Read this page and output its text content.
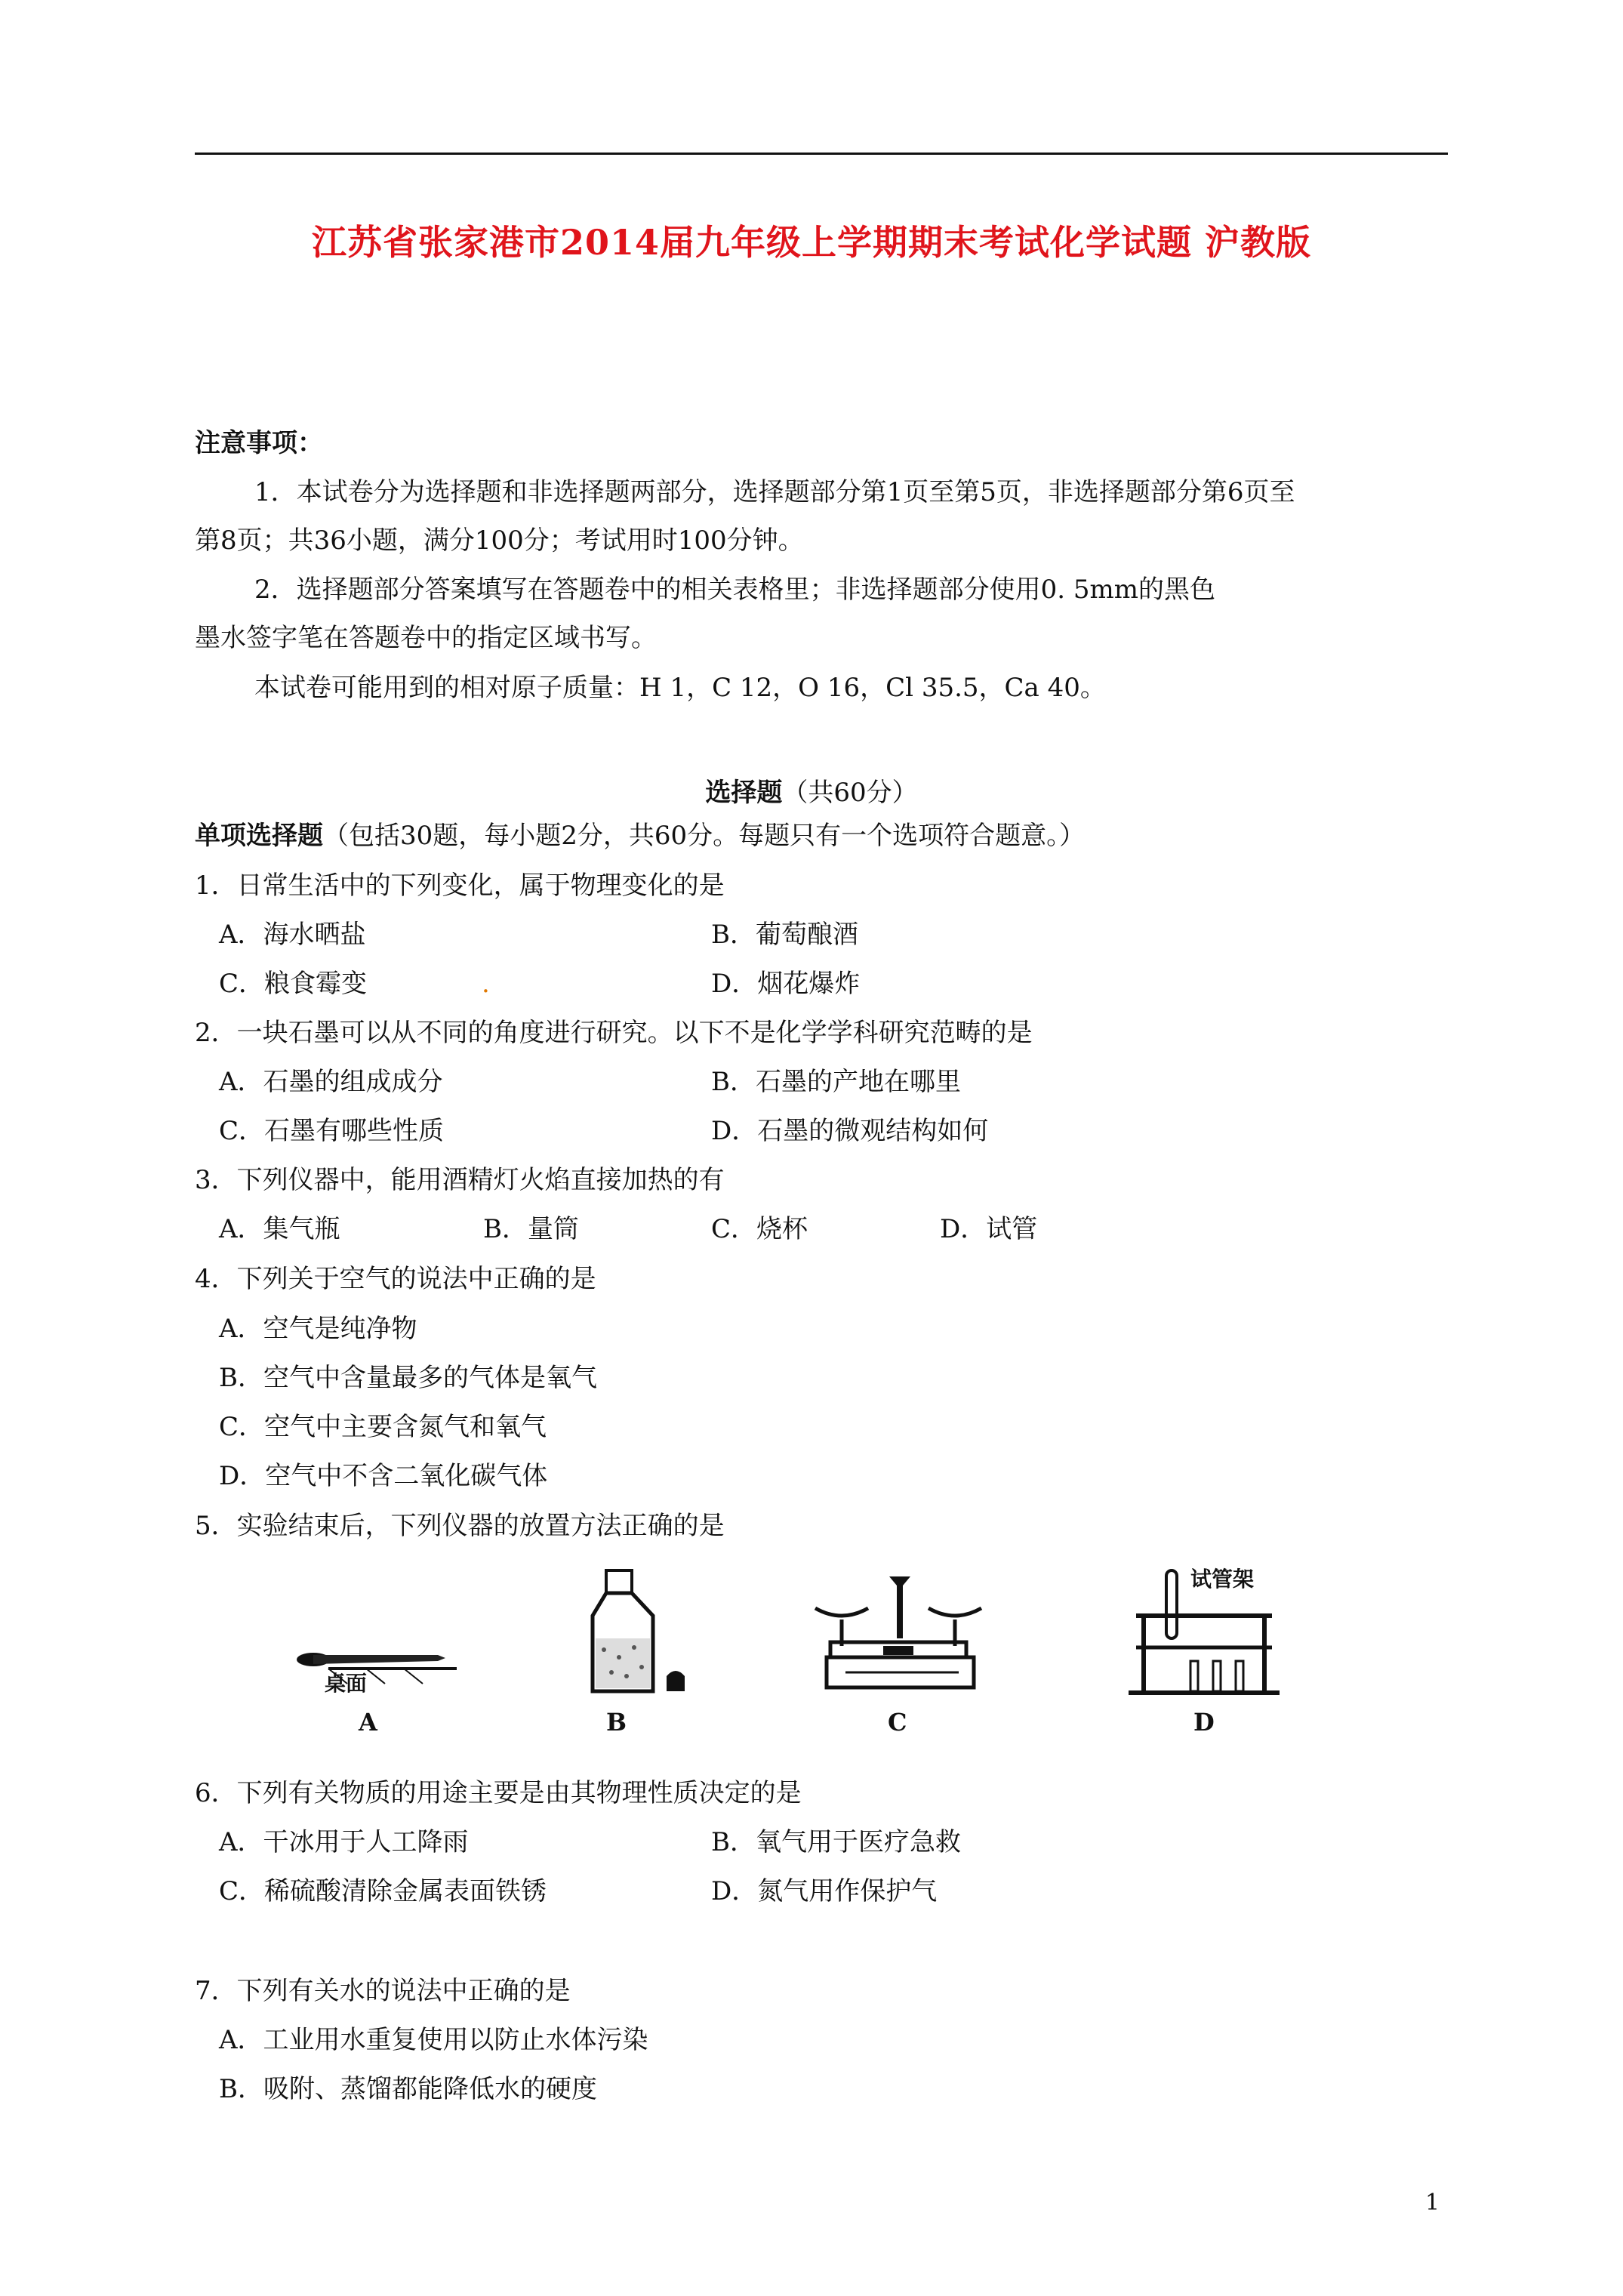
江苏省张家港市2014届九年级上学期期末考试化学试题 沪教版
注意事项：
1．本试卷分为选择题和非选择题两部分，选择题部分第1页至第5页，非选择题部分第6页至
第8页；共36小题，满分100分；考试用时100分钟。
2．选择题部分答案填写在答题卷中的相关表格里；非选择题部分使用0. 5mm的黑色
墨水签字笔在答题卷中的指定区域书写。
本试卷可能用到的相对原子质量：H 1，C 12，O 16，Cl 35.5，Ca 40。
选择题（共60分）
单项选择题（包括30题，每小题2分，共60分。每题只有一个选项符合题意。）
1．日常生活中的下列变化，属于物理变化的是
A．海水晒盐	B．葡萄酿酒
C．粮食霉变	.	D．烟花爆炸
2．一块石墨可以从不同的角度进行研究。以下不是化学学科研究范畴的是
A．石墨的组成成分	B．石墨的产地在哪里
C．石墨有哪些性质	D．石墨的微观结构如何
3．下列仪器中，能用酒精灯火焰直接加热的有
A．集气瓶	B．量筒	C．烧杯	D．试管
4．下列关于空气的说法中正确的是
A．空气是纯净物
B．空气中含量最多的气体是氧气
C．空气中主要含氮气和氧气
D．空气中不含二氧化碳气体
5．实验结束后，下列仪器的放置方法正确的是
桌面
A	B	C
试管架
D
6．下列有关物质的用途主要是由其物理性质决定的是
A．干冰用于人工降雨	B．氧气用于医疗急救
C．稀硫酸清除金属表面铁锈	D．氮气用作保护气
7．下列有关水的说法中正确的是
A．工业用水重复使用以防止水体污染
B．吸附、蒸馏都能降低水的硬度
1
